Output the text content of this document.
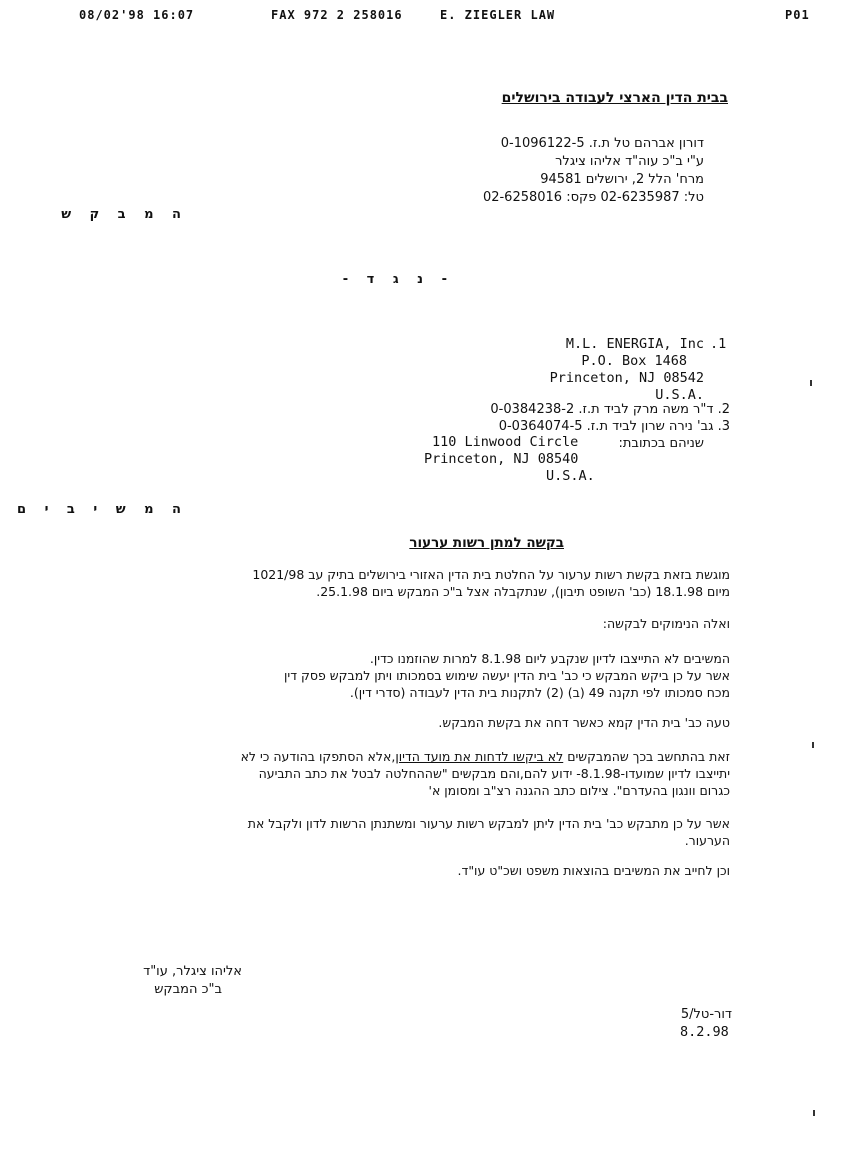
08/02'98 16:07	FAX 972 2 258016	E. ZIEGLER LAW	P01
בבית הדין הארצי לעבודה בירושלים
דורון אברהם טל ת.ז. 0-1096122-5
ע"י ב"כ עוה"ד אליהו ציגלר
מרח' הלל 2, ירושלים 94581
טל: 02-6235987 פקס: 02-6258016
ה מ ב ק ש
- נ ג ד -
.1
M.L. ENERGIA, Inc
P.O. Box 1468
Princeton, NJ 08542
U.S.A.
2. ד"ר משה מרק לביד ת.ז. 0-0384238-2
3. גב' נירה שרון לביד ת.ז. 0-0364074-5
שניהם בכתובת:
110 Linwood Circle
Princeton, NJ 08540
U.S.A.
ה מ ש י ב י ם
בקשה למתן רשות ערעור
מוגשת בזאת בקשת רשות ערעור על החלטת בית הדין האזורי בירושלים בתיק עב 1021/98
מיום 18.1.98 (כב' השופט תיבון), שנתקבלה אצל ב"כ המבקש ביום 25.1.98.
ואלה הנימוקים לבקשה:
המשיבים לא התייצבו לדיון שנקבע ליום 8.1.98 למרות שהוזמנו כדין.
אשר על כן ביקש המבקש כי כב' בית הדין יעשה שימוש בסמכותו ויתן למבקש פסק דין
מכח סמכותו לפי תקנה 49 (ב) (2) לתקנות בית הדין לעבודה (סדרי דין).
טעה כב' בית הדין קמא כאשר דחה את בקשת המבקש.
זאת בהתחשב בכך שהמבקשים לא ביקשו לדחות את מועד הדיון,אלא הסתפקו בהודעה כי לא
יתייצבו לדיון שמועדו-8.1.98- ידוע להם,והם מבקשים "שההחלטה לבטל את כתב התביעה
כגרום וונגון בהעדרם". צילום כתב ההגנה רצ"ב ומסומן א'
אשר על כן מתבקש כב' בית הדין ליתן למבקש רשות ערעור ומשתנתן הרשות לדון ולקבל את
הערעור.
וכן לחייב את המשיבים בהוצאות משפט ושכ"ט עו"ד.
אליהו ציגלר, עו"ד
ב"כ המבקש
דור-טל/5
8.2.98
